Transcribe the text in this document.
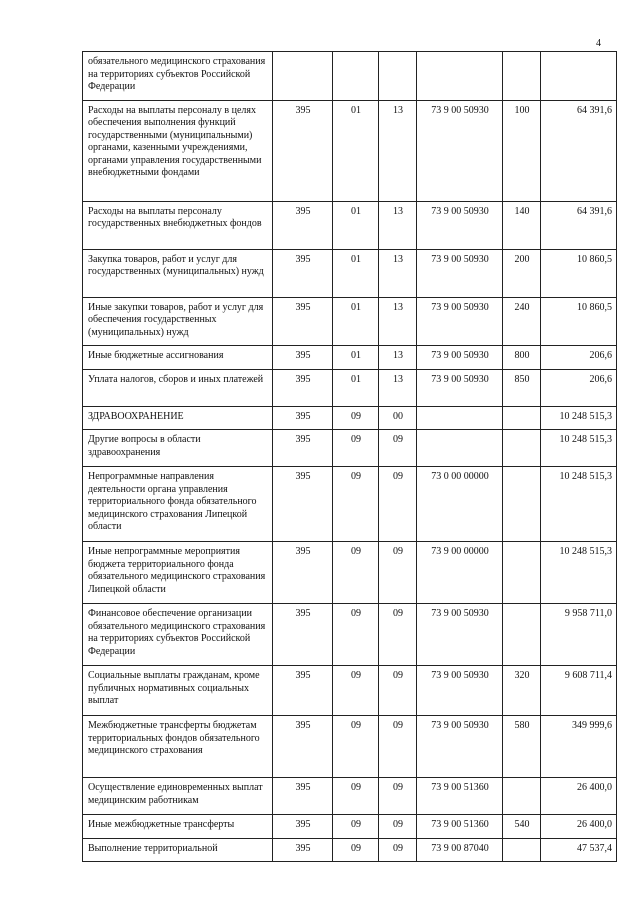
4
обязательного медицинского страхования на территориях субъектов Российской Федерации						
Расходы на выплаты персоналу в целях обеспечения выполнения функций государственными (муниципальными) органами, казенными учреждениями, органами управления государственными внебюджетными фондами	395	01	13	73 9 00 50930	100	64 391,6
Расходы на выплаты персоналу государственных внебюджетных фондов	395	01	13	73 9 00 50930	140	64 391,6
Закупка товаров, работ и услуг для государственных (муниципальных) нужд	395	01	13	73 9 00 50930	200	10 860,5
Иные закупки товаров, работ и услуг для обеспечения государственных (муниципальных) нужд	395	01	13	73 9 00 50930	240	10 860,5
Иные бюджетные ассигнования	395	01	13	73 9 00 50930	800	206,6
Уплата налогов, сборов и иных платежей	395	01	13	73 9 00 50930	850	206,6
ЗДРАВООХРАНЕНИЕ	395	09	00			10 248 515,3
Другие вопросы в области здравоохранения	395	09	09			10 248 515,3
Непрограммные направления деятельности органа управления территориального фонда обязательного медицинского страхования Липецкой области	395	09	09	73 0 00 00000		10 248 515,3
Иные непрограммные мероприятия бюджета территориального фонда обязательного медицинского страхования Липецкой области	395	09	09	73 9 00 00000		10 248 515,3
Финансовое обеспечение организации обязательного медицинского страхования на территориях субъектов Российской Федерации	395	09	09	73 9 00 50930		9 958 711,0
Социальные выплаты гражданам, кроме публичных нормативных социальных выплат	395	09	09	73 9 00 50930	320	9 608 711,4
Межбюджетные трансферты бюджетам территориальных фондов обязательного медицинского страхования	395	09	09	73 9 00 50930	580	349 999,6
Осуществление единовременных выплат медицинским работникам	395	09	09	73 9 00 51360		26 400,0
Иные межбюджетные трансферты	395	09	09	73 9 00 51360	540	26 400,0
Выполнение территориальной	395	09	09	73 9 00 87040		47 537,4
